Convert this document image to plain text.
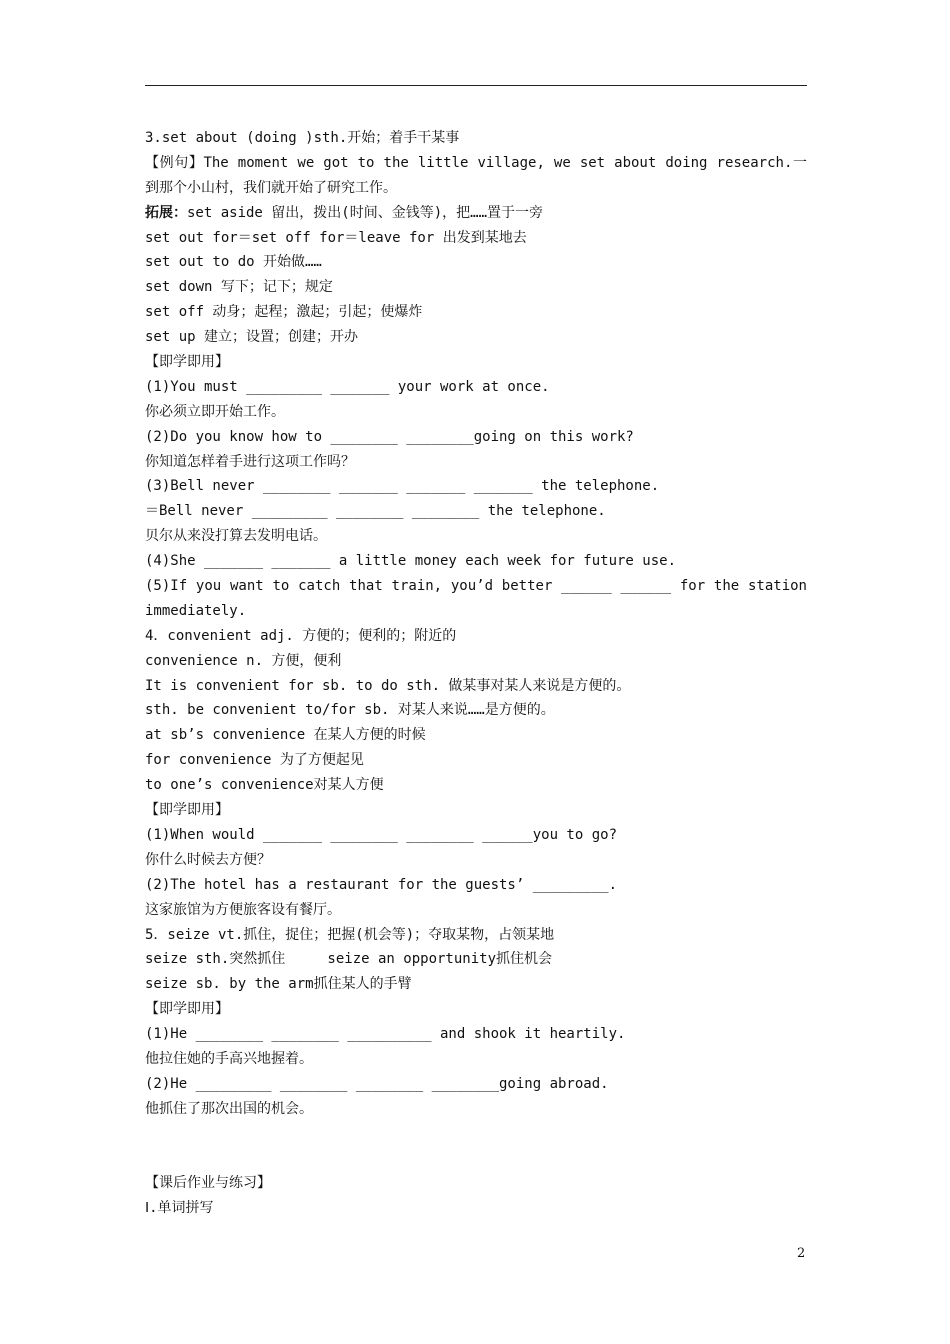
3.set about (doing )sth.开始；着手干某事
【例句】The moment we got to the little village, we set about doing research.一
到那个小山村，我们就开始了研究工作。
拓展：set aside 留出，拨出(时间、金钱等)，把……置于一旁
set out for＝set off for＝leave for 出发到某地去
set out to do 开始做……
set down 写下；记下；规定
set off 动身；起程；激起；引起；使爆炸
set up 建立；设置；创建；开办
【即学即用】
(1)You must _________ _______ your work at once.
你必须立即开始工作。
(2)Do you know how to ________ ________going on this work?
你知道怎样着手进行这项工作吗？
(3)Bell never ________ _______ _______ _______ the telephone.
＝Bell never _________ ________ ________ the telephone.
贝尔从来没打算去发明电话。
(4)She _______ _______ a little money each week for future use.
(5)If you want to catch that train, you’d better ______ ______ for the station
immediately.
4．convenient adj. 方便的；便利的；附近的
convenience n. 方便，便利
It is convenient for sb. to do sth. 做某事对某人来说是方便的。
sth. be convenient to/for sb. 对某人来说……是方便的。
at sb’s convenience 在某人方便的时候
for convenience 为了方便起见
to one’s convenience对某人方便
【即学即用】
(1)When would _______ ________ ________ ______you to go?
你什么时候去方便？
(2)The hotel has a restaurant for the guests’ _________.
这家旅馆为方便旅客设有餐厅。
5．seize vt.抓住，捉住；把握(机会等)；夺取某物，占领某地
seize sth.突然抓住     seize an opportunity抓住机会
seize sb. by the arm抓住某人的手臂
【即学即用】
(1)He ________ ________ __________ and shook it heartily.
他拉住她的手高兴地握着。
(2)He _________ ________ ________ ________going abroad.
他抓住了那次出国的机会。
【课后作业与练习】
Ⅰ.单词拼写
2
